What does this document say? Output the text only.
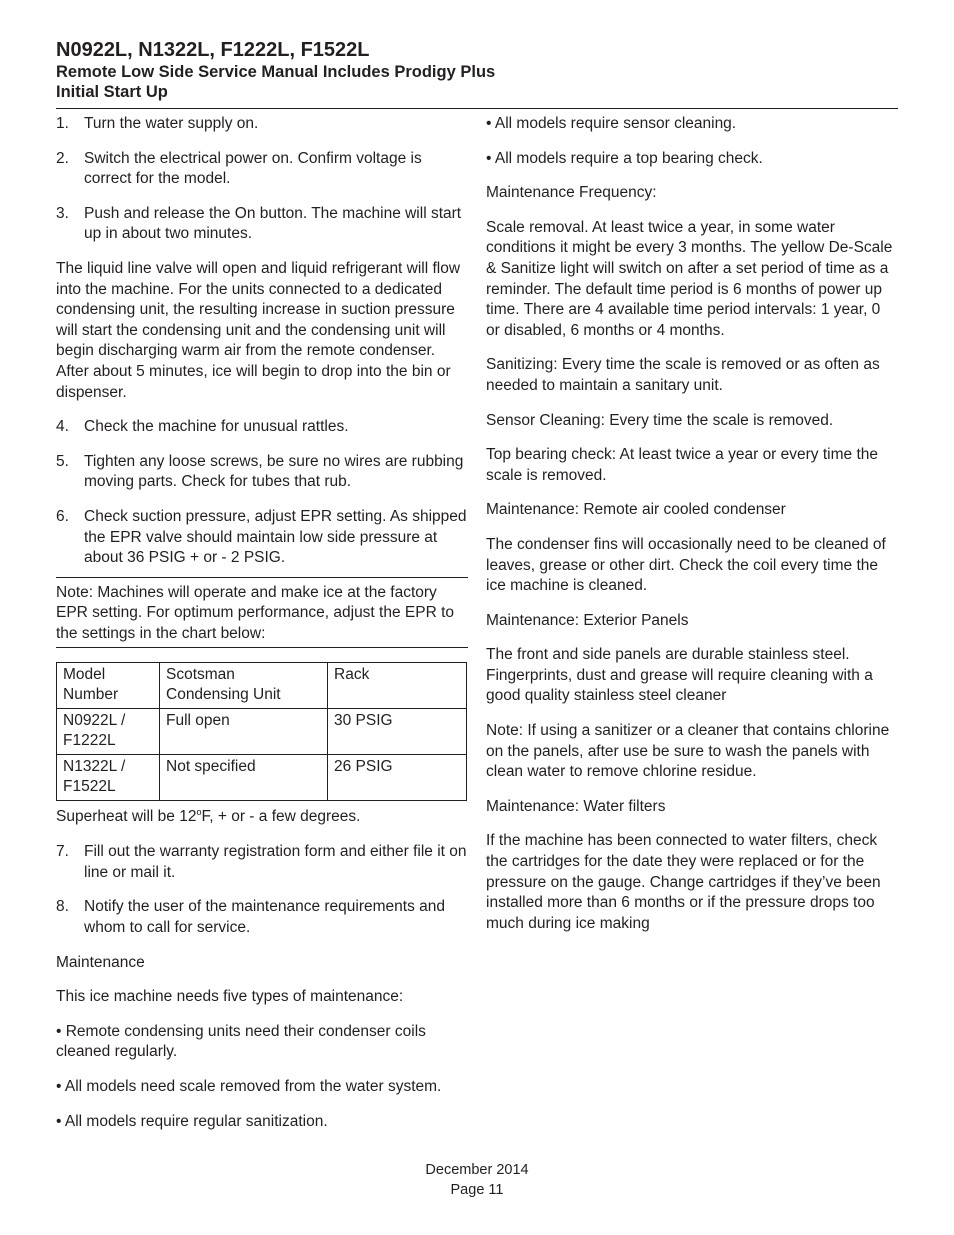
N0922L, N1322L, F1222L, F1522L
Remote Low Side Service Manual Includes Prodigy Plus
Initial Start Up
1. Turn the water supply on.
2. Switch the electrical power on. Confirm voltage is correct for the model.
3. Push and release the On button. The machine will start up in about two minutes.

The liquid line valve will open and liquid refrigerant will flow into the machine. For the units connected to a dedicated condensing unit, the resulting increase in suction pressure will start the condensing unit and the condensing unit will begin discharging warm air from the remote condenser. After about 5 minutes, ice will begin to drop into the bin or dispenser.

4. Check the machine for unusual rattles.
5. Tighten any loose screws, be sure no wires are rubbing moving parts. Check for tubes that rub.
6. Check suction pressure, adjust EPR setting. As shipped the EPR valve should maintain low side pressure at about 36 PSIG + or - 2 PSIG.

Note: Machines will operate and make ice at the factory EPR setting. For optimum performance, adjust the EPR to the settings in the chart below:

Model Number	Scotsman Condensing Unit	Rack
N0922L / F1222L	Full open	30 PSIG
N1322L / F1522L	Not specified	26 PSIG

Superheat will be $12^oF$, + or - a few degrees.

7. Fill out the warranty registration form and either file it on line or mail it.
8. Notify the user of the maintenance requirements and whom to call for service.

Maintenance

This ice machine needs five types of maintenance:

• Remote condensing units need their condenser coils cleaned regularly.

• All models need scale removed from the water system.

• All models require regular sanitization.

• All models require sensor cleaning.

• All models require a top bearing check.

Maintenance Frequency:

Scale removal. At least twice a year, in some water conditions it might be every 3 months. The yellow De-Scale & Sanitize light will switch on after a set period of time as a reminder. The default time period is 6 months of power up time. There are 4 available time period intervals: 1 year, 0 or disabled, 6 months or 4 months.

Sanitizing: Every time the scale is removed or as often as needed to maintain a sanitary unit.

Sensor Cleaning: Every time the scale is removed.

Top bearing check: At least twice a year or every time the scale is removed.

Maintenance: Remote air cooled condenser

The condenser fins will occasionally need to be cleaned of leaves, grease or other dirt. Check the coil every time the ice machine is cleaned.

Maintenance: Exterior Panels

The front and side panels are durable stainless steel. Fingerprints, dust and grease will require cleaning with a good quality stainless steel cleaner

Note: If using a sanitizer or a cleaner that contains chlorine on the panels, after use be sure to wash the panels with clean water to remove chlorine residue.

Maintenance: Water filters

If the machine has been connected to water filters, check the cartridges for the date they were replaced or for the pressure on the gauge. Change cartridges if they’ve been installed more than 6 months or if the pressure drops too much during ice making

December 2014
Page 11
